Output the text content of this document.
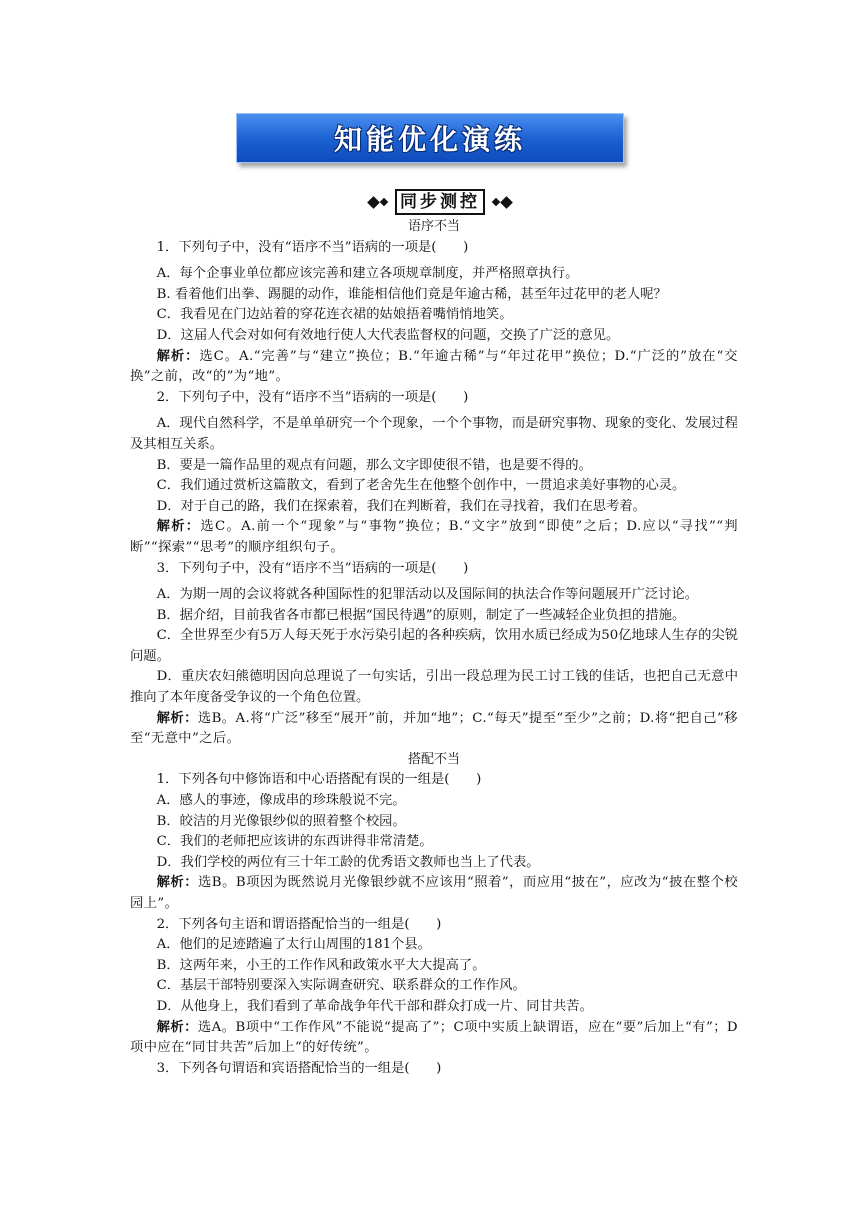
知能优化演练
同步测控

语序不当

1．下列句子中，没有“语序不当”语病的一项是(　　)

A．每个企事业单位都应该完善和建立各项规章制度，并严格照章执行。

B. 看着他们出拳、踢腿的动作，谁能相信他们竟是年逾古稀，甚至年过花甲的老人呢？

C．我看见在门边站着的穿花连衣裙的姑娘捂着嘴悄悄地笑。

D．这届人代会对如何有效地行使人大代表监督权的问题，交换了广泛的意见。

解析：选C。A.“完善”与“建立”换位；B.“年逾古稀”与“年过花甲”换位；D.“广泛的”放在“交换”之前，改“的”为“地”。

2．下列句子中，没有“语序不当”语病的一项是(　　)

A．现代自然科学，不是单单研究一个个现象，一个个事物，而是研究事物、现象的变化、发展过程及其相互关系。

B．要是一篇作品里的观点有问题，那么文字即使很不错，也是要不得的。

C．我们通过赏析这篇散文，看到了老舍先生在他整个创作中，一贯追求美好事物的心灵。

D．对于自己的路，我们在探索着，我们在判断着，我们在寻找着，我们在思考着。

解析：选C。A.前一个“现象”与“事物”换位；B.“文字”放到“即使”之后；D.应以“寻找”“判断”“探索”“思考”的顺序组织句子。

3．下列句子中，没有“语序不当”语病的一项是(　　)

A．为期一周的会议将就各种国际性的犯罪活动以及国际间的执法合作等问题展开广泛讨论。

B．据介绍，目前我省各市都已根据“国民待遇”的原则，制定了一些减轻企业负担的措施。

C．全世界至少有5万人每天死于水污染引起的各种疾病，饮用水质已经成为50亿地球人生存的尖锐问题。

D．重庆农妇熊德明因向总理说了一句实话，引出一段总理为民工讨工钱的佳话，也把自己无意中推向了本年度备受争议的一个角色位置。

解析：选B。A.将“广泛”移至“展开”前，并加“地”；C.“每天”提至“至少”之前；D.将“把自己”移至“无意中”之后。

搭配不当

1．下列各句中修饰语和中心语搭配有误的一组是(　　)

A．感人的事迹，像成串的珍珠般说不完。

B．皎洁的月光像银纱似的照着整个校园。

C．我们的老师把应该讲的东西讲得非常清楚。

D．我们学校的两位有三十年工龄的优秀语文教师也当上了代表。

解析：选B。B项因为既然说月光像银纱就不应该用“照着”，而应用“披在”，应改为“披在整个校园上”。

2．下列各句主语和谓语搭配恰当的一组是(　　)

A．他们的足迹踏遍了太行山周围的181个县。

B．这两年来，小王的工作作风和政策水平大大提高了。

C．基层干部特别要深入实际调查研究、联系群众的工作作风。

D．从他身上，我们看到了革命战争年代干部和群众打成一片、同甘共苦。

解析：选A。B项中“工作作风”不能说“提高了”；C项中实质上缺谓语，应在“要”后加上“有”；D项中应在“同甘共苦”后加上“的好传统”。

3．下列各句谓语和宾语搭配恰当的一组是(　　)
